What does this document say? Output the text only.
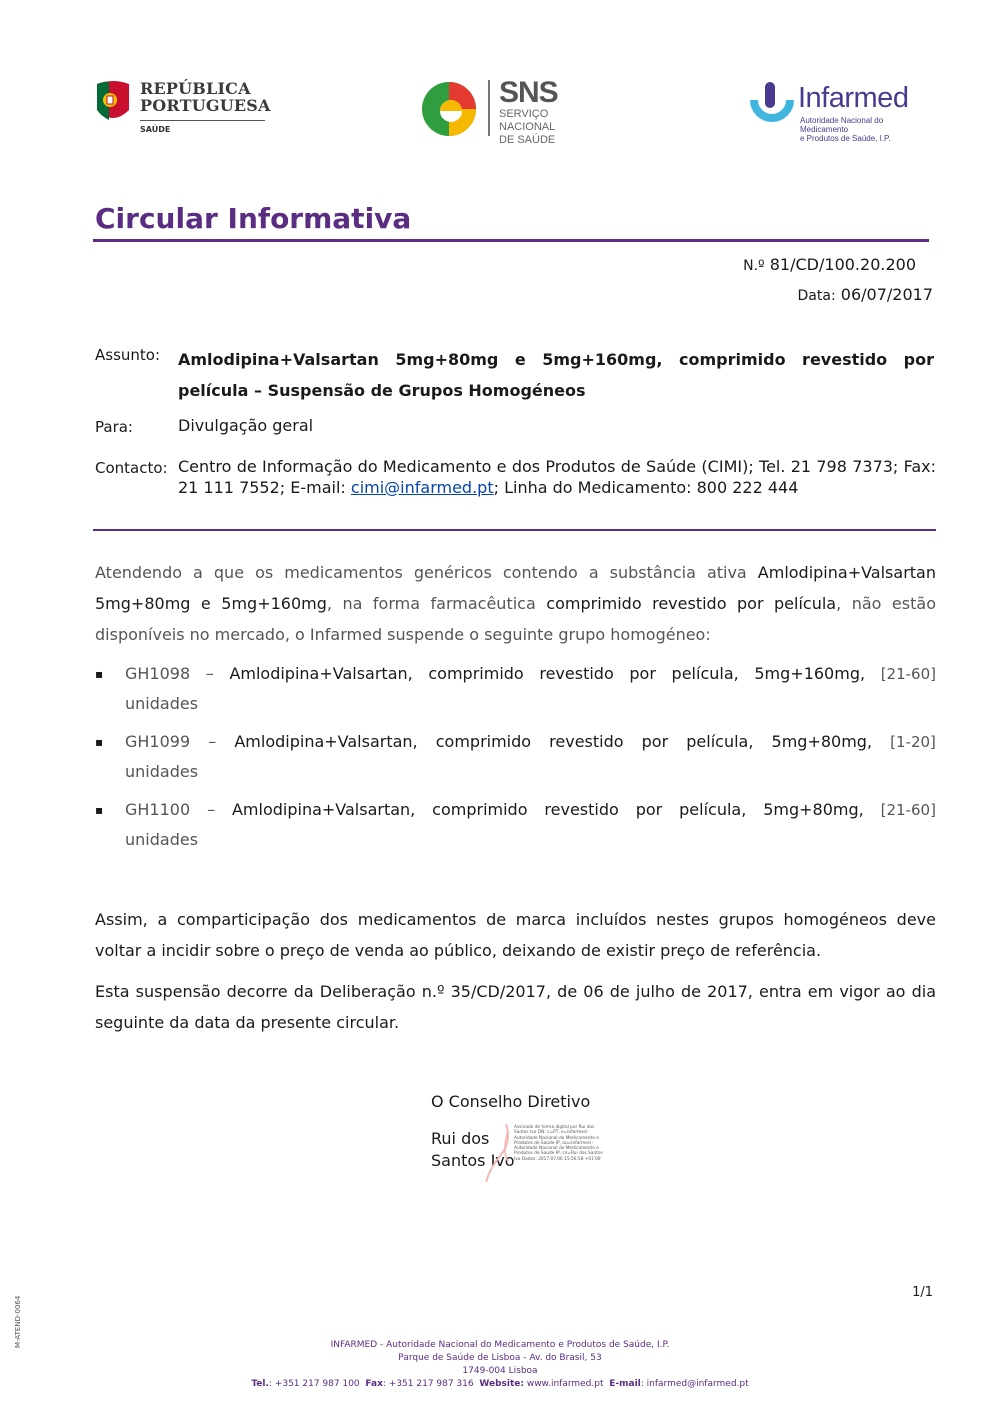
REPÚBLICA
PORTUGUESA
SAÚDE
SNS
SERVIÇO NACIONAL
DE SAÚDE
Infarmed
Autoridade Nacional do Medicamento
e Produtos de Saúde, I.P.
Circular Informativa
N.º 81/CD/100.20.200
Data: 06/07/2017
Assunto: Amlodipina+Valsartan 5mg+80mg e 5mg+160mg, comprimido revestido por película – Suspensão de Grupos Homogéneos
Para:	Divulgação geral
Contacto: Centro de Informação do Medicamento e dos Produtos de Saúde (CIMI); Tel. 21 798 7373; Fax: 21 111 7552; E-mail: cimi@infarmed.pt; Linha do Medicamento: 800 222 444
Atendendo a que os medicamentos genéricos contendo a substância ativa Amlodipina+Valsartan 5mg+80mg e 5mg+160mg, na forma farmacêutica comprimido revestido por película, não estão disponíveis no mercado, o Infarmed suspende o seguinte grupo homogéneo:
▪ GH1098 – Amlodipina+Valsartan, comprimido revestido por película, 5mg+160mg, [21-60]
unidades
▪ GH1099 – Amlodipina+Valsartan, comprimido revestido por película, 5mg+80mg, [1-20]
unidades
▪ GH1100 – Amlodipina+Valsartan, comprimido revestido por película, 5mg+80mg, [21-60]
unidades
Assim, a comparticipação dos medicamentos de marca incluídos nestes grupos homogéneos deve voltar a incidir sobre o preço de venda ao público, deixando de existir preço de referência.
Esta suspensão decorre da Deliberação n.º 35/CD/2017, de 06 de julho de 2017, entra em vigor ao dia seguinte da data da presente circular.
O Conselho Diretivo
Rui dos
Santos Ivo
Assinado de forma digital por Rui dos Santos Ivo DN: c=PT, o=Infarmed - Autoridade Nacional do Medicamento e Produtos de Saúde IP, ou=Infarmed - Autoridade Nacional do Medicamento e Produtos de Saúde IP, cn=Rui dos Santos Ivo Dados: 2017.07.06 15:56:58 +01'00'
1/1
M-ATEND-0064	INFARMED - Autoridade Nacional do Medicamento e Produtos de Saúde, I.P.
Parque de Saúde de Lisboa - Av. do Brasil, 53
1749-004 Lisboa
Tel.: +351 217 987 100 Fax: +351 217 987 316 Website: www.infarmed.pt E-mail: infarmed@infarmed.pt
